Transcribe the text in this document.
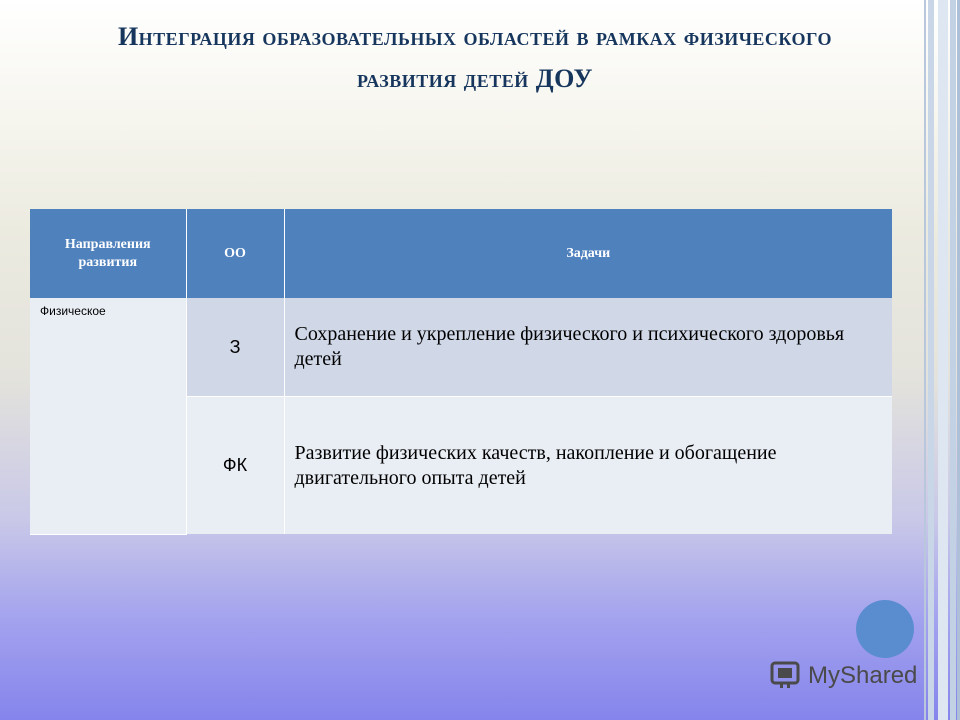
Интеграция образовательных областей в рамках физического развития детей ДОУ
Направления развития	ОО	Задачи
Физическое	З	Сохранение и укрепление физического и психического здоровья детей
	ФК	Развитие физических качеств, накопление и обогащение двигательного опыта детей
MyShared
